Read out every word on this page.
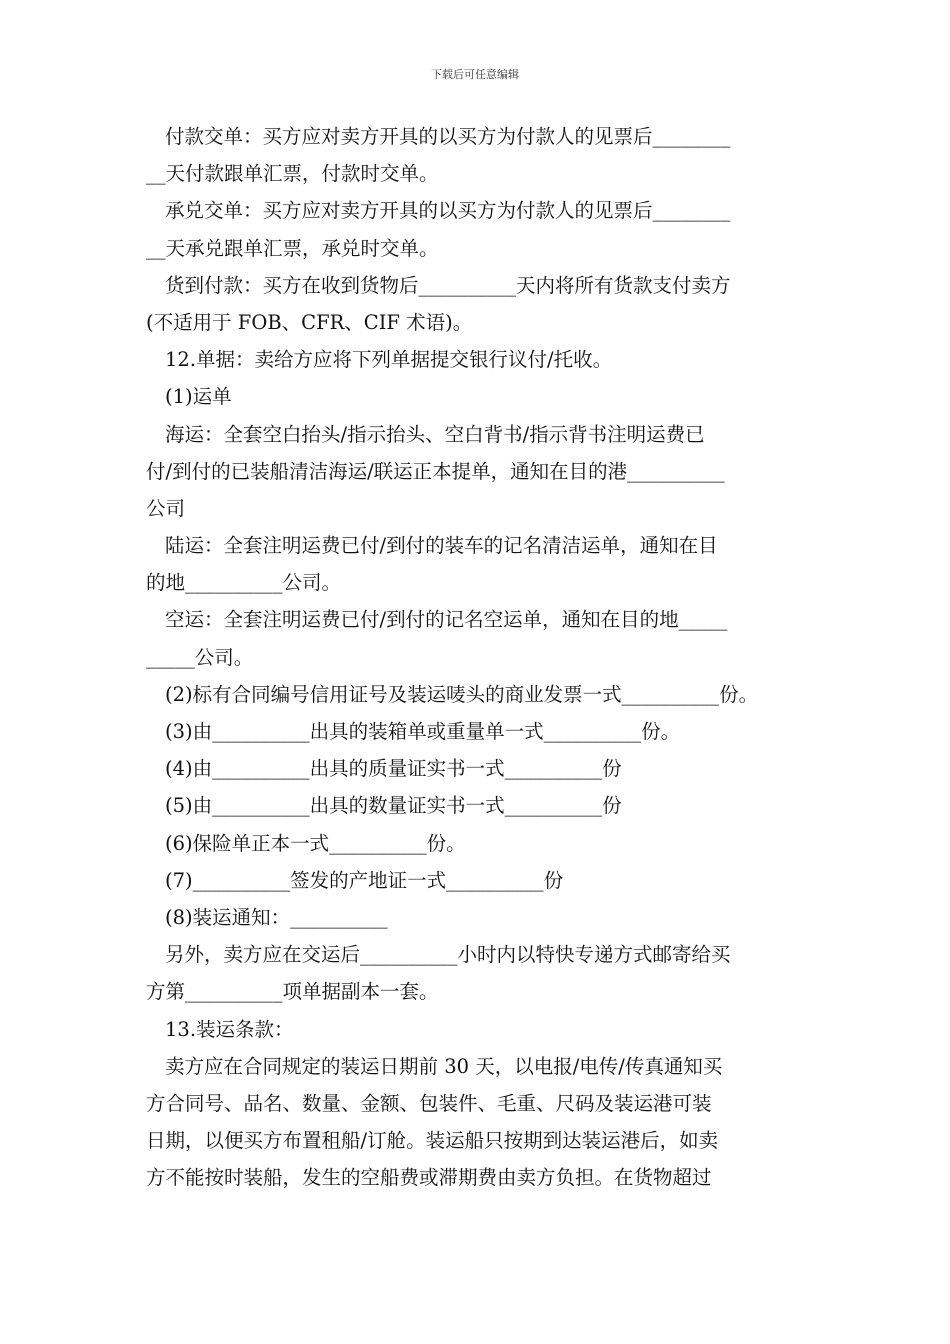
下载后可任意编辑
付款交单：买方应对卖方开具的以买方为付款人的见票后________
__天付款跟单汇票，付款时交单。
承兑交单：买方应对卖方开具的以买方为付款人的见票后________
__天承兑跟单汇票，承兑时交单。
货到付款：买方在收到货物后__________天内将所有货款支付卖方
(不适用于 FOB、CFR、CIF 术语)。
12.单据：卖给方应将下列单据提交银行议付/托收。
(1)运单
海运：全套空白抬头/指示抬头、空白背书/指示背书注明运费已
付/到付的已装船清洁海运/联运正本提单，通知在目的港__________
公司
陆运：全套注明运费已付/到付的装车的记名清洁运单，通知在目
的地__________公司。
空运：全套注明运费已付/到付的记名空运单，通知在目的地_____
_____公司。
(2)标有合同编号信用证号及装运唛头的商业发票一式__________份。
(3)由__________出具的装箱单或重量单一式__________份。
(4)由__________出具的质量证实书一式__________份
(5)由__________出具的数量证实书一式__________份
(6)保险单正本一式__________份。
(7)__________签发的产地证一式__________份
(8)装运通知：__________
另外，卖方应在交运后__________小时内以特快专递方式邮寄给买
方第__________项单据副本一套。
13.装运条款：
卖方应在合同规定的装运日期前 30 天，以电报/电传/传真通知买
方合同号、品名、数量、金额、包装件、毛重、尺码及装运港可装
日期，以便买方布置租船/订舱。装运船只按期到达装运港后，如卖
方不能按时装船，发生的空船费或滞期费由卖方负担。在货物超过
